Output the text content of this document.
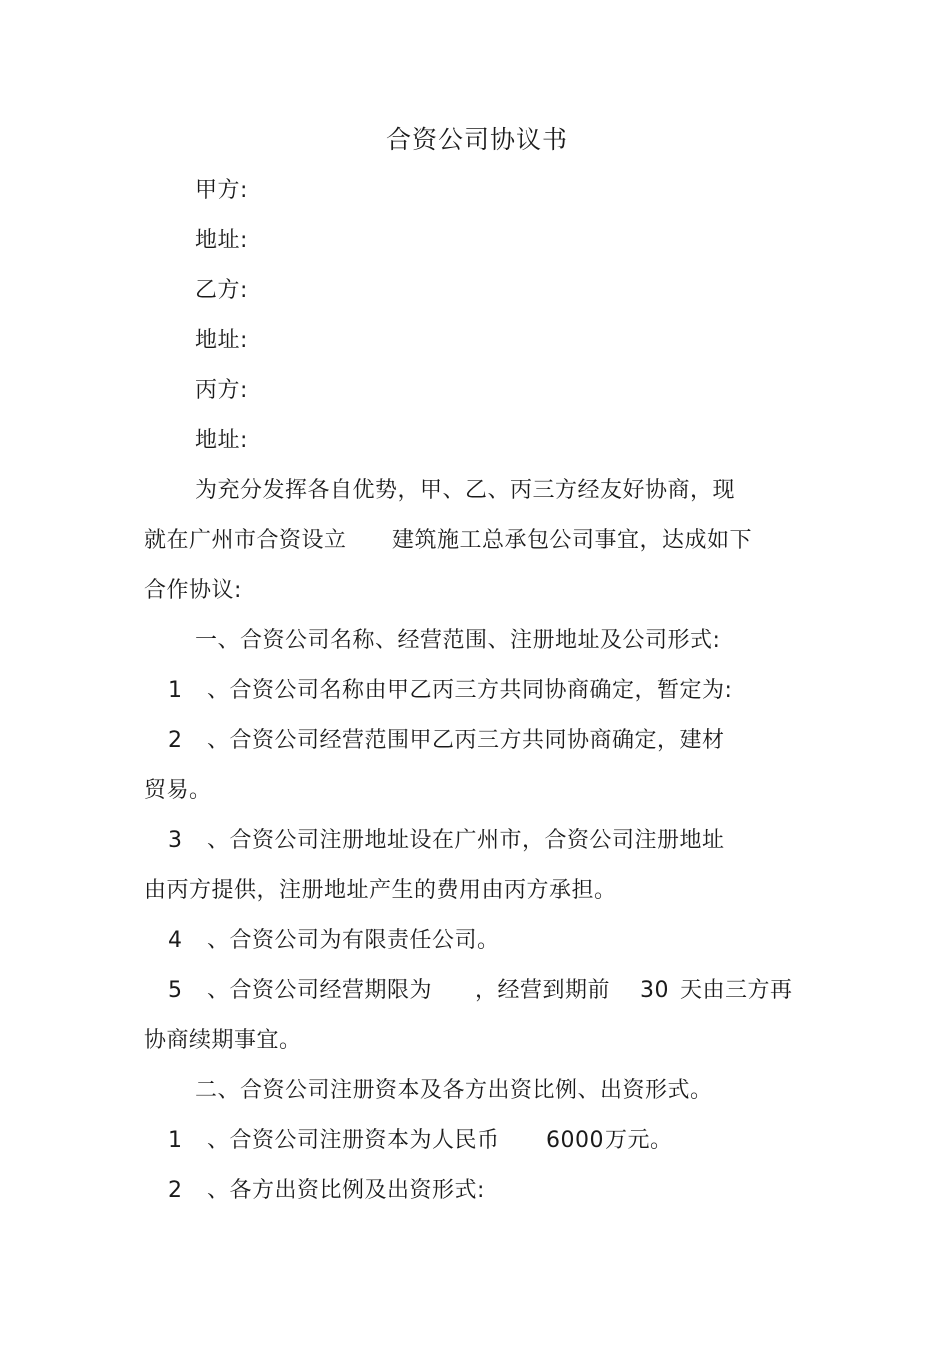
合资公司协议书
甲方:
地址:
乙方:
地址:
丙方:
地址:
为充分发挥各自优势，甲、乙、丙三方经友好协商，现
就在广州市合资设立 建筑施工总承包公司事宜，达成如下
合作协议:
一、合资公司名称、经营范围、注册地址及公司形式:
1 、合资公司名称由甲乙丙三方共同协商确定，暂定为:
2 、合资公司经营范围甲乙丙三方共同协商确定，建材
贸易。
3 、合资公司注册地址设在广州市，合资公司注册地址
由丙方提供，注册地址产生的费用由丙方承担。
4 、合资公司为有限责任公司。
5 、合资公司经营期限为 ，经营到期前 30 天由三方再
协商续期事宜。
二、合资公司注册资本及各方出资比例、出资形式。
1 、合资公司注册资本为人民币 6000 万元。
2 、各方出资比例及出资形式:
